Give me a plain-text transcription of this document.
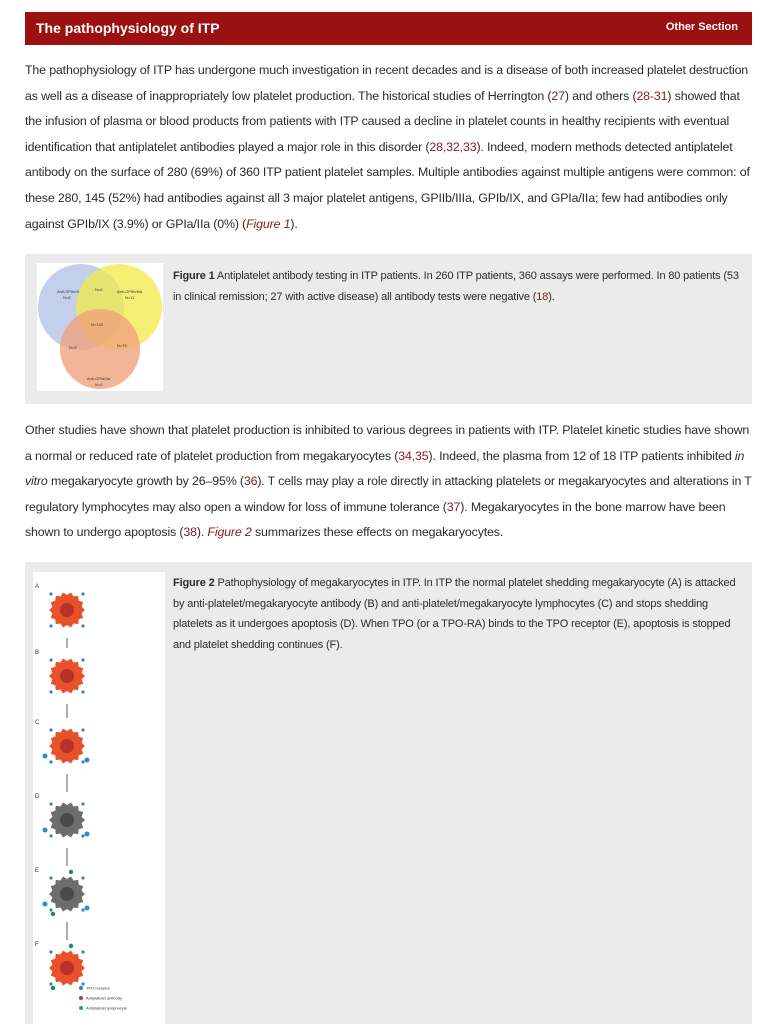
The pathophysiology of ITP	Other Section

The pathophysiology of ITP has undergone much investigation in recent decades and is a disease of both increased platelet destruction as well as a disease of inappropriately low platelet production. The historical studies of Herrington (27) and others (28-31) showed that the infusion of plasma or blood products from patients with ITP caused a decline in platelet counts in healthy recipients with eventual identification that antiplatelet antibodies played a major role in this disorder (28,32,33). Indeed, modern methods detected antiplatelet antibody on the surface of 280 (69%) of 360 ITP patient platelet samples. Multiple antibodies against multiple antigens were common: of these 280, 145 (52%) had antibodies against all 3 major platelet antigens, GPIIb/IIIa, GPIb/IX, and GPIa/IIa; few had antibodies only against GPIb/IX (3.9%) or GPIa/IIa (0%) (Figure 1).

Anti-GPIb/IX
N=8
N=6	Anti-GPIIb/IIIa
N=11
N=145
N=3	N=75
Anti-GPIa/IIa
N=0
Figure 1 Antiplatelet antibody testing in ITP patients. In 260 ITP patients, 360 assays were performed. In 80 patients (53 in clinical remission; 27 with active disease) all antibody tests were negative (18).

Other studies have shown that platelet production is inhibited to various degrees in patients with ITP. Platelet kinetic studies have shown a normal or reduced rate of platelet production from megakaryocytes (34,35). Indeed, the plasma from 12 of 18 ITP patients inhibited in vitro megakaryocyte growth by 26–95% (36). T cells may play a role directly in attacking platelets or megakaryocytes and alterations in T regulatory lymphocytes may also open a window for loss of immune tolerance (37). Megakaryocytes in the bone marrow have been shown to undergo apoptosis (38). Figure 2 summarizes these effects on megakaryocytes.

A
B
C
D
E
F
TPO receptor
Antiplatelet antibody
Antiplatelet lymphocyte
Figure 2 Pathophysiology of megakaryocytes in ITP. In ITP the normal platelet shedding megakaryocyte (A) is attacked by anti-platelet/megakaryocyte antibody (B) and anti-platelet/megakaryocyte lymphocytes (C) and stops shedding platelets as it undergoes apoptosis (D). When TPO (or a TPO-RA) binds to the TPO receptor (E), apoptosis is stopped and platelet shedding continues (F).
